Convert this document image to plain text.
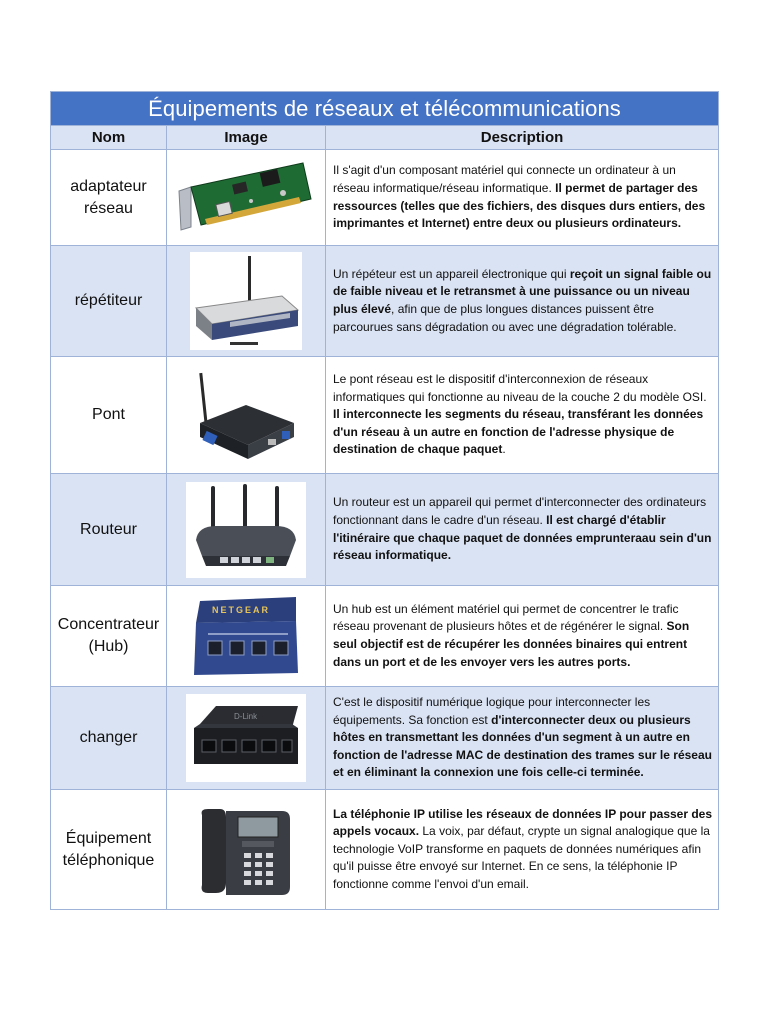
Équipements de réseaux et télécommunications		
Nom	Image	Description
adaptateur réseau		Il s'agit d'un composant matériel qui connecte un ordinateur à un réseau informatique/réseau informatique. Il permet de partager des ressources (telles que des fichiers, des disques durs entiers, des imprimantes et Internet) entre deux ou plusieurs ordinateurs.
répétiteur		Un répéteur est un appareil électronique qui reçoit un signal faible ou de faible niveau et le retransmet à une puissance ou un niveau plus élevé, afin que de plus longues distances puissent être parcourues sans dégradation ou avec une dégradation tolérable.
Pont		Le pont réseau est le dispositif d'interconnexion de réseaux informatiques qui fonctionne au niveau de la couche 2 du modèle OSI. Il interconnecte les segments du réseau, transférant les données d'un réseau à un autre en fonction de l'adresse physique de destination de chaque paquet.
Routeur		Un routeur est un appareil qui permet d'interconnecter des ordinateurs fonctionnant dans le cadre d'un réseau. Il est chargé d'établir l'itinéraire que chaque paquet de données emprunteraau sein d'un réseau informatique.
Concentrateur (Hub)	NETGEAR	Un hub est un élément matériel qui permet de concentrer le trafic réseau provenant de plusieurs hôtes et de régénérer le signal. Son seul objectif est de récupérer les données binaires qui entrent dans un port et de les envoyer vers les autres ports.
changer	D-Link	C'est le dispositif numérique logique pour interconnecter les équipements. Sa fonction est d'interconnecter deux ou plusieurs hôtes en transmettant les données d'un segment à un autre en fonction de l'adresse MAC de destination des trames sur le réseau et en éliminant la connexion une fois celle-ci terminée.
Équipement téléphonique		La téléphonie IP utilise les réseaux de données IP pour passer des appels vocaux. La voix, par défaut, crypte un signal analogique que la technologie VoIP transforme en paquets de données numériques afin qu'il puisse être envoyé sur Internet. En ce sens, la téléphonie IP fonctionne comme l'envoi d'un email.
